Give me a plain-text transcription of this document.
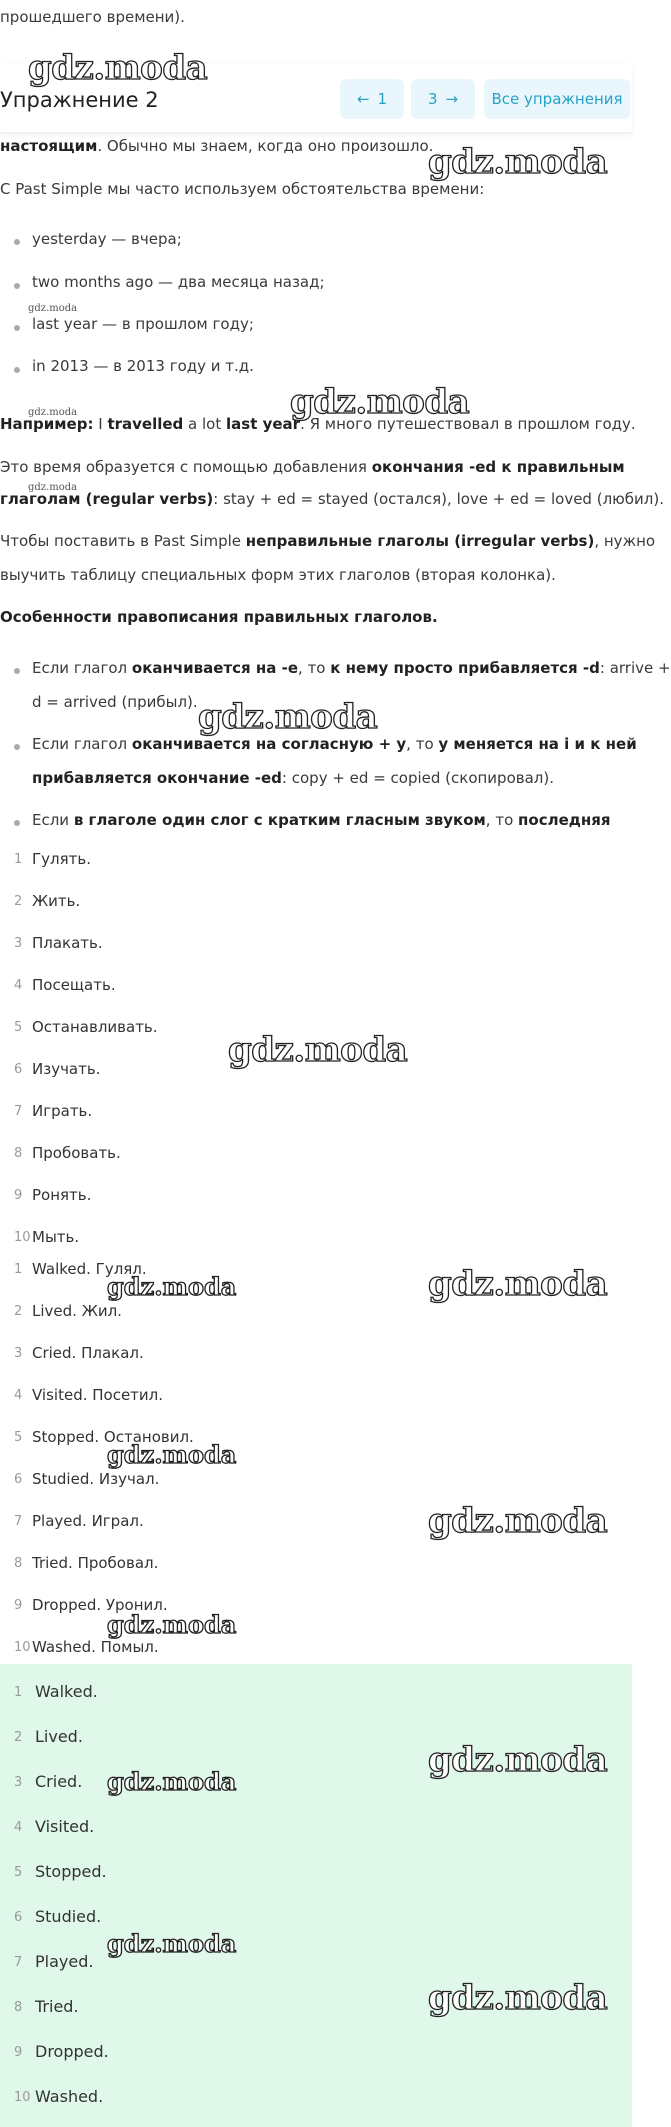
прошедшего времени).
Упражнение 2	← 1	3 → Все упражнения
настоящим. Обычно мы знаем, когда оно произошло.
С Past Simple мы часто используем обстоятельства времени:
yesterday — вчера;
two months ago — два месяца назад;
last year — в прошлом году;
in 2013 — в 2013 году и т.д.
Например: I travelled a lot last year. Я много путешествовал в прошлом году.
Это время образуется с помощью добавления окончания -ed к правильным
глаголам (regular verbs): stay + ed = stayed (остался), love + ed = loved (любил).
Чтобы поставить в Past Simple неправильные глаголы (irregular verbs), нужно
выучить таблицу специальных форм этих глаголов (вторая колонка).
Особенности правописания правильных глаголов.
Если глагол оканчивается на -e, то к нему просто прибавляется -d: arrive +
d = arrived (прибыл).
Если глагол оканчивается на согласную + y, то y меняется на i и к ней
прибавляется окончание -ed: copy + ed = copied (скопировал).
Если в глаголе один слог с кратким гласным звуком, то последняя
1 Гулять.
2 Жить.
3 Плакать.
4 Посещать.
5 Останавливать.
6 Изучать.
7 Играть.
8 Пробовать.
9 Ронять.
10 Мыть.
1 Walked. Гулял.
2 Lived. Жил.
3 Cried. Плакал.
4 Visited. Посетил.
5 Stopped. Остановил.
6 Studied. Изучал.
7 Played. Играл.
8 Tried. Пробовал.
9 Dropped. Уронил.
10 Washed. Помыл.
1 Walked.
2 Lived.
3 Cried.
4 Visited.
5 Stopped.
6 Studied.
7 Played.
8 Tried.
9 Dropped.
10 Washed.
gdz.moda
gdz.moda
gdz.moda
gdz.moda
gdz.moda
gdz.moda
gdz.moda
gdz.moda
gdz.moda	gdz.moda
gdz.moda
gdz.moda
gdz.moda
gdz.moda
gdz.moda
gdz.moda
gdz.moda
